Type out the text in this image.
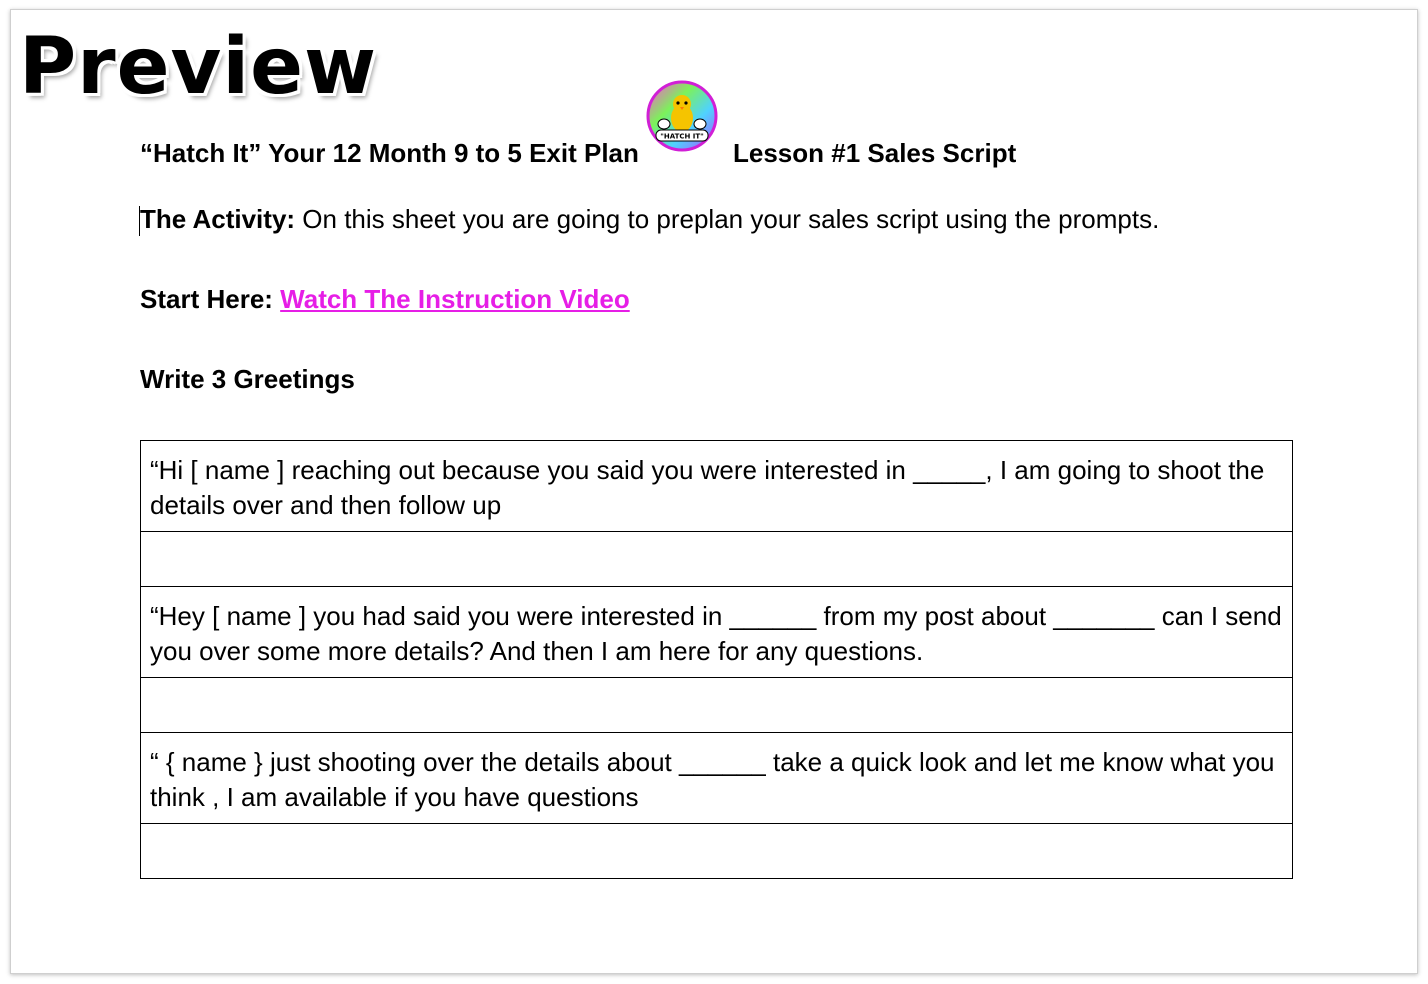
Preview
“Hatch It” Your 12 Month 9 to 5 Exit Plan
"HATCH IT"
Lesson #1 Sales Script
The Activity: On this sheet you are going to preplan your sales script using the prompts.
Start Here: Watch The Instruction Video
Write 3 Greetings
“Hi [ name ] reaching out because you said you were interested in _____, I am going to shoot the details over and then follow up

“Hey [ name ] you had said you were interested in ______ from my post about _______ can I send you over some more details? And then I am here for any questions.

“ { name } just shooting over the details about ______ take a quick look and let me know what you think , I am available if you have questions
